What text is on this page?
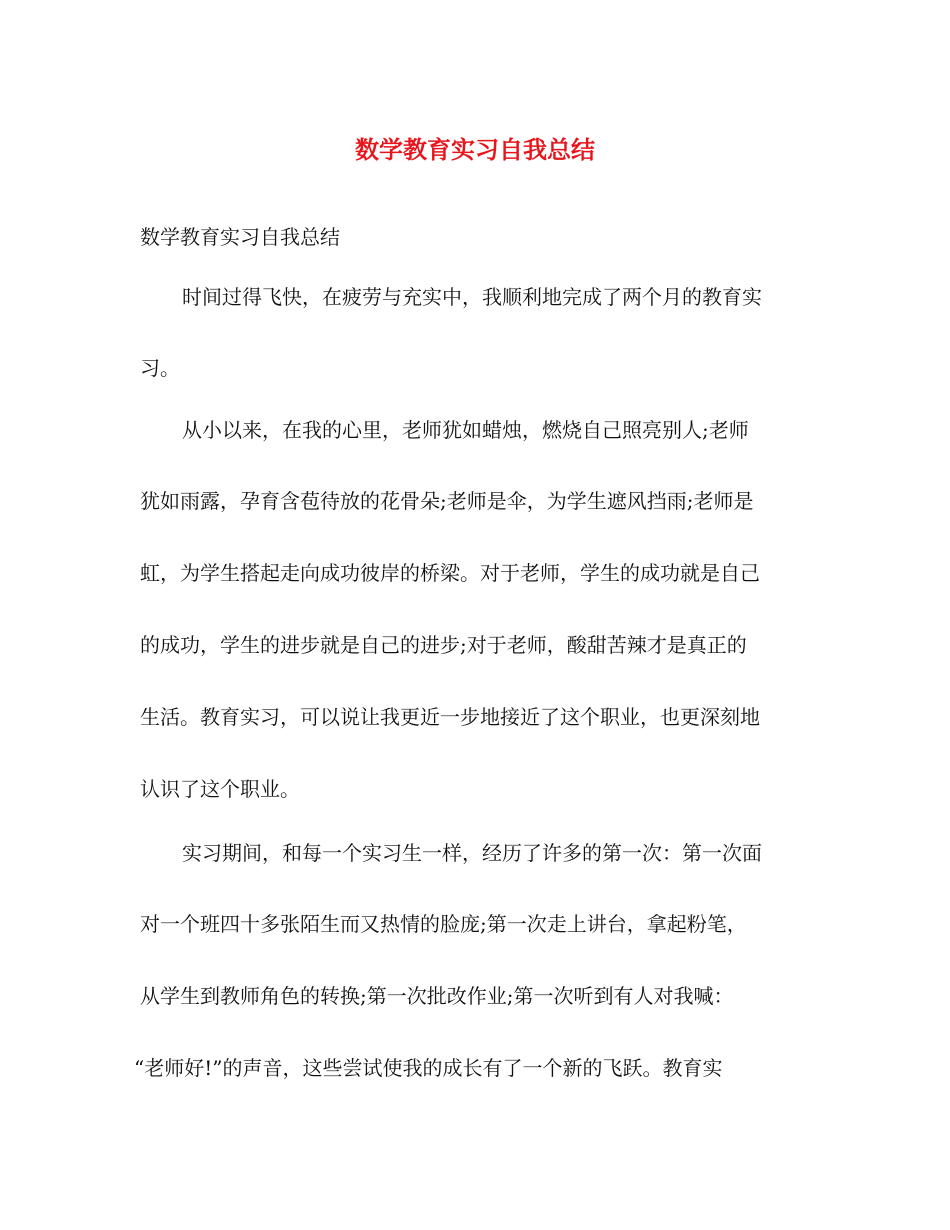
数学教育实习自我总结

数学教育实习自我总结

时间过得飞快，在疲劳与充实中，我顺利地完成了两个月的教育实

习。

从小以来，在我的心里，老师犹如蜡烛，燃烧自己照亮别人;老师

犹如雨露，孕育含苞待放的花骨朵;老师是伞，为学生遮风挡雨;老师是

虹，为学生搭起走向成功彼岸的桥梁。对于老师，学生的成功就是自己

的成功，学生的进步就是自己的进步;对于老师，酸甜苦辣才是真正的

生活。教育实习，可以说让我更近一步地接近了这个职业，也更深刻地

认识了这个职业。

实习期间，和每一个实习生一样，经历了许多的第一次：第一次面

对一个班四十多张陌生而又热情的脸庞;第一次走上讲台，拿起粉笔，

从学生到教师角色的转换;第一次批改作业;第一次听到有人对我喊：

“老师好!”的声音，这些尝试使我的成长有了一个新的飞跃。教育实
